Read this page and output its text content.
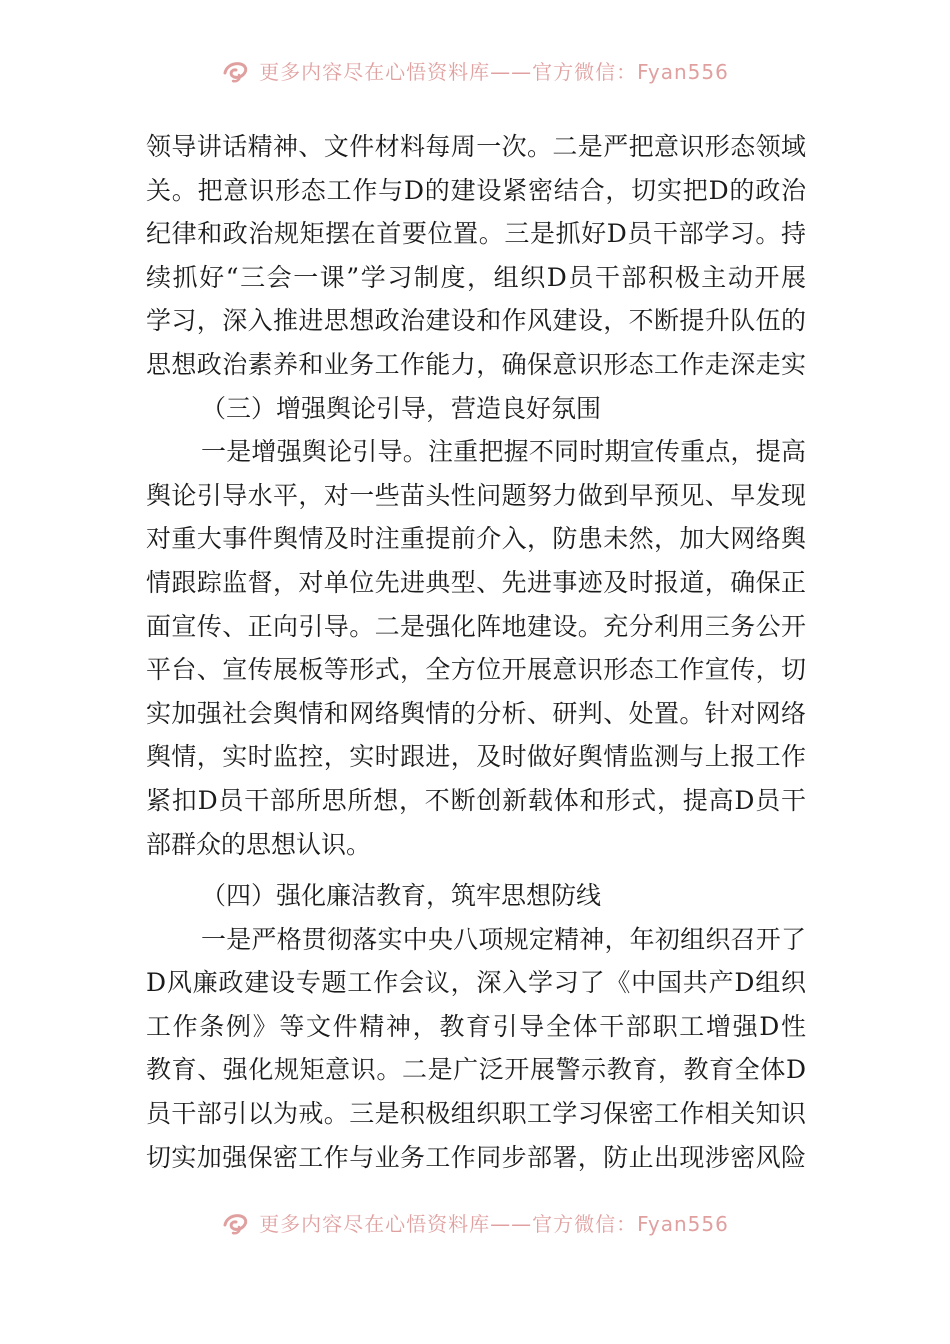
更多内容尽在心悟资料库——官方微信：Fyan556
领导讲话精神、文件材料每周一次。二是严把意识形态领域
关。把意识形态工作与D的建设紧密结合，切实把D的政治
纪律和政治规矩摆在首要位置。三是抓好D员干部学习。持
续抓好“三会一课”学习制度，组织D员干部积极主动开展
学习，深入推进思想政治建设和作风建设，不断提升队伍的
思想政治素养和业务工作能力，确保意识形态工作走深走实
（三）增强舆论引导，营造良好氛围
一是增强舆论引导。注重把握不同时期宣传重点，提高
舆论引导水平，对一些苗头性问题努力做到早预见、早发现
对重大事件舆情及时注重提前介入，防患未然，加大网络舆
情跟踪监督，对单位先进典型、先进事迹及时报道，确保正
面宣传、正向引导。二是强化阵地建设。充分利用三务公开
平台、宣传展板等形式，全方位开展意识形态工作宣传，切
实加强社会舆情和网络舆情的分析、研判、处置。针对网络
舆情，实时监控，实时跟进，及时做好舆情监测与上报工作
紧扣D员干部所思所想，不断创新载体和形式，提高D员干
部群众的思想认识。
（四）强化廉洁教育，筑牢思想防线
一是严格贯彻落实中央八项规定精神，年初组织召开了
D风廉政建设专题工作会议，深入学习了《中国共产D组织
工作条例》等文件精神，教育引导全体干部职工增强D性
教育、强化规矩意识。二是广泛开展警示教育，教育全体D
员干部引以为戒。三是积极组织职工学习保密工作相关知识
切实加强保密工作与业务工作同步部署，防止出现涉密风险
更多内容尽在心悟资料库——官方微信：Fyan556
